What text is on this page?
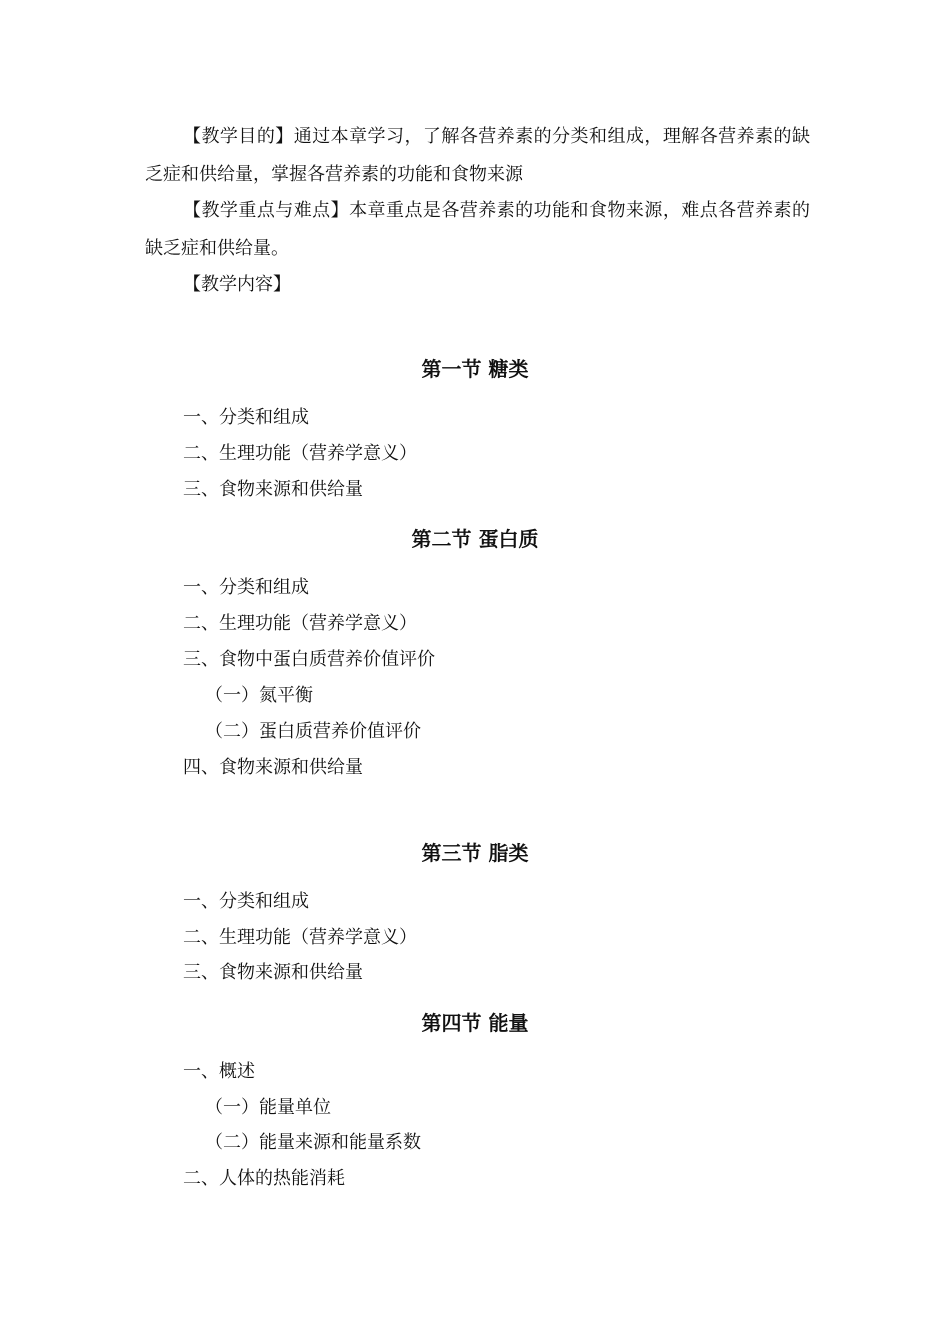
【教学目的】通过本章学习，了解各营养素的分类和组成，理解各营养素的缺乏症和供给量，掌握各营养素的功能和食物来源

【教学重点与难点】本章重点是各营养素的功能和食物来源，难点各营养素的缺乏症和供给量。

【教学内容】

第一节 糖类
一、分类和组成
二、生理功能（营养学意义）
三、食物来源和供给量
第二节 蛋白质
一、分类和组成
二、生理功能（营养学意义）
三、食物中蛋白质营养价值评价
（一）氮平衡
（二）蛋白质营养价值评价
四、食物来源和供给量
第三节 脂类
一、分类和组成
二、生理功能（营养学意义）
三、食物来源和供给量
第四节 能量
一、概述
（一）能量单位
（二）能量来源和能量系数
二、人体的热能消耗
